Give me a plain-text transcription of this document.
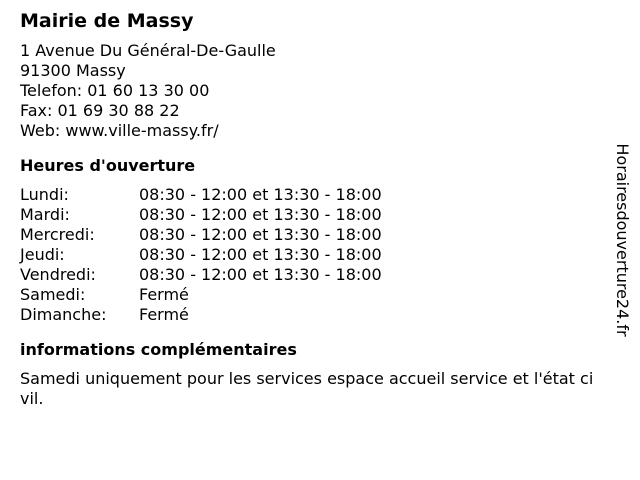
Mairie de Massy
1 Avenue Du Général-De-Gaulle
91300 Massy
Telefon: 01 60 13 30 00
Fax: 01 69 30 88 22
Web: www.ville-massy.fr/
Heures d'ouverture
Lundi:	08:30 - 12:00 et 13:30 - 18:00
Mardi:	08:30 - 12:00 et 13:30 - 18:00
Mercredi:	08:30 - 12:00 et 13:30 - 18:00
Jeudi:	08:30 - 12:00 et 13:30 - 18:00
Vendredi:	08:30 - 12:00 et 13:30 - 18:00
Samedi:	Fermé
Dimanche:	Fermé
informations complémentaires
Samedi uniquement pour les services espace accueil service et l'état civil.
Horairesdouverture24.fr
